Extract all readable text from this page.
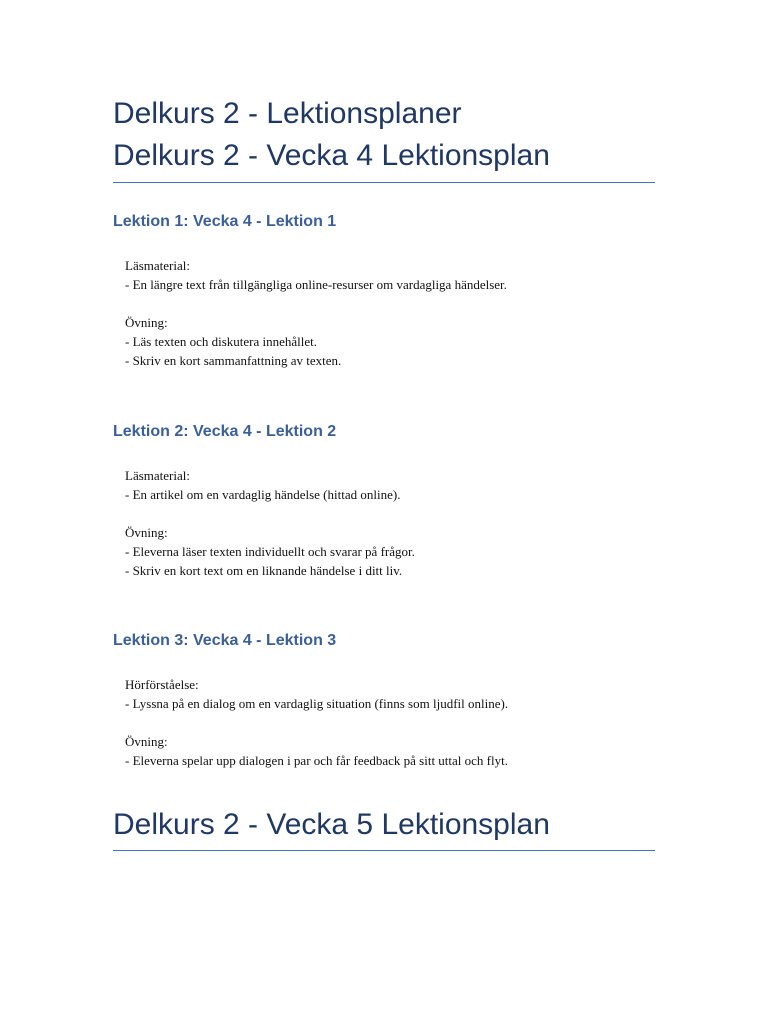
Delkurs 2 - Lektionsplaner
Delkurs 2 - Vecka 4 Lektionsplan
Lektion 1: Vecka 4 - Lektion 1
Läsmaterial:
- En längre text från tillgängliga online-resurser om vardagliga händelser.
Övning:
- Läs texten och diskutera innehållet.
- Skriv en kort sammanfattning av texten.
Lektion 2: Vecka 4 - Lektion 2
Läsmaterial:
- En artikel om en vardaglig händelse (hittad online).
Övning:
- Eleverna läser texten individuellt och svarar på frågor.
- Skriv en kort text om en liknande händelse i ditt liv.
Lektion 3: Vecka 4 - Lektion 3
Hörförståelse:
- Lyssna på en dialog om en vardaglig situation (finns som ljudfil online).
Övning:
- Eleverna spelar upp dialogen i par och får feedback på sitt uttal och flyt.
Delkurs 2 - Vecka 5 Lektionsplan
